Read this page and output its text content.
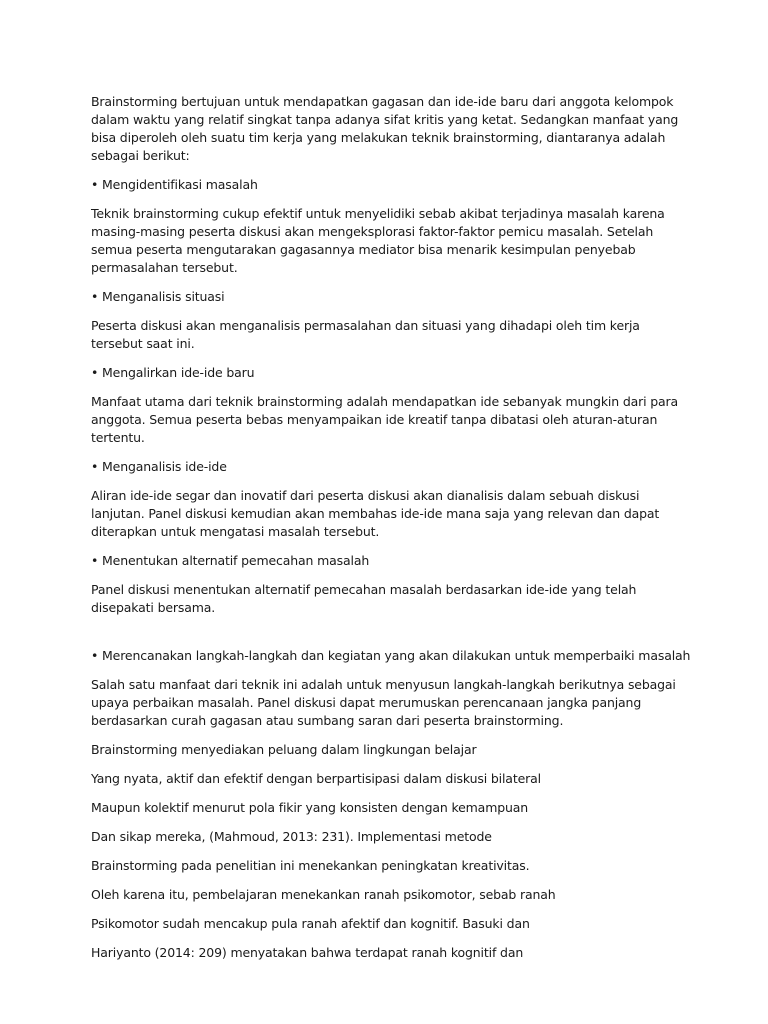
Brainstorming bertujuan untuk mendapatkan gagasan dan ide-ide baru dari anggota kelompok dalam waktu yang relatif singkat tanpa adanya sifat kritis yang ketat. Sedangkan manfaat yang bisa diperoleh oleh suatu tim kerja yang melakukan teknik brainstorming, diantaranya adalah sebagai berikut:

• Mengidentifikasi masalah

Teknik brainstorming cukup efektif untuk menyelidiki sebab akibat terjadinya masalah karena masing-masing peserta diskusi akan mengeksplorasi faktor-faktor pemicu masalah. Setelah semua peserta mengutarakan gagasannya mediator bisa menarik kesimpulan penyebab permasalahan tersebut.

• Menganalisis situasi

Peserta diskusi akan menganalisis permasalahan dan situasi yang dihadapi oleh tim kerja tersebut saat ini.

• Mengalirkan ide-ide baru

Manfaat utama dari teknik brainstorming adalah mendapatkan ide sebanyak mungkin dari para anggota. Semua peserta bebas menyampaikan ide kreatif tanpa dibatasi oleh aturan-aturan tertentu.

• Menganalisis ide-ide

Aliran ide-ide segar dan inovatif dari peserta diskusi akan dianalisis dalam sebuah diskusi lanjutan. Panel diskusi kemudian akan membahas ide-ide mana saja yang relevan dan dapat diterapkan untuk mengatasi masalah tersebut.

• Menentukan alternatif pemecahan masalah

Panel diskusi menentukan alternatif pemecahan masalah berdasarkan ide-ide yang telah disepakati bersama.

• Merencanakan langkah-langkah dan kegiatan yang akan dilakukan untuk memperbaiki masalah

Salah satu manfaat dari teknik ini adalah untuk menyusun langkah-langkah berikutnya sebagai upaya perbaikan masalah. Panel diskusi dapat merumuskan perencanaan jangka panjang berdasarkan curah gagasan atau sumbang saran dari peserta brainstorming.

Brainstorming menyediakan peluang dalam lingkungan belajar

Yang nyata, aktif dan efektif dengan berpartisipasi dalam diskusi bilateral

Maupun kolektif menurut pola fikir yang konsisten dengan kemampuan

Dan sikap mereka, (Mahmoud, 2013: 231). Implementasi metode

Brainstorming pada penelitian ini menekankan peningkatan kreativitas.

Oleh karena itu, pembelajaran menekankan ranah psikomotor, sebab ranah

Psikomotor sudah mencakup pula ranah afektif dan kognitif. Basuki dan

Hariyanto (2014: 209) menyatakan bahwa terdapat ranah kognitif dan
